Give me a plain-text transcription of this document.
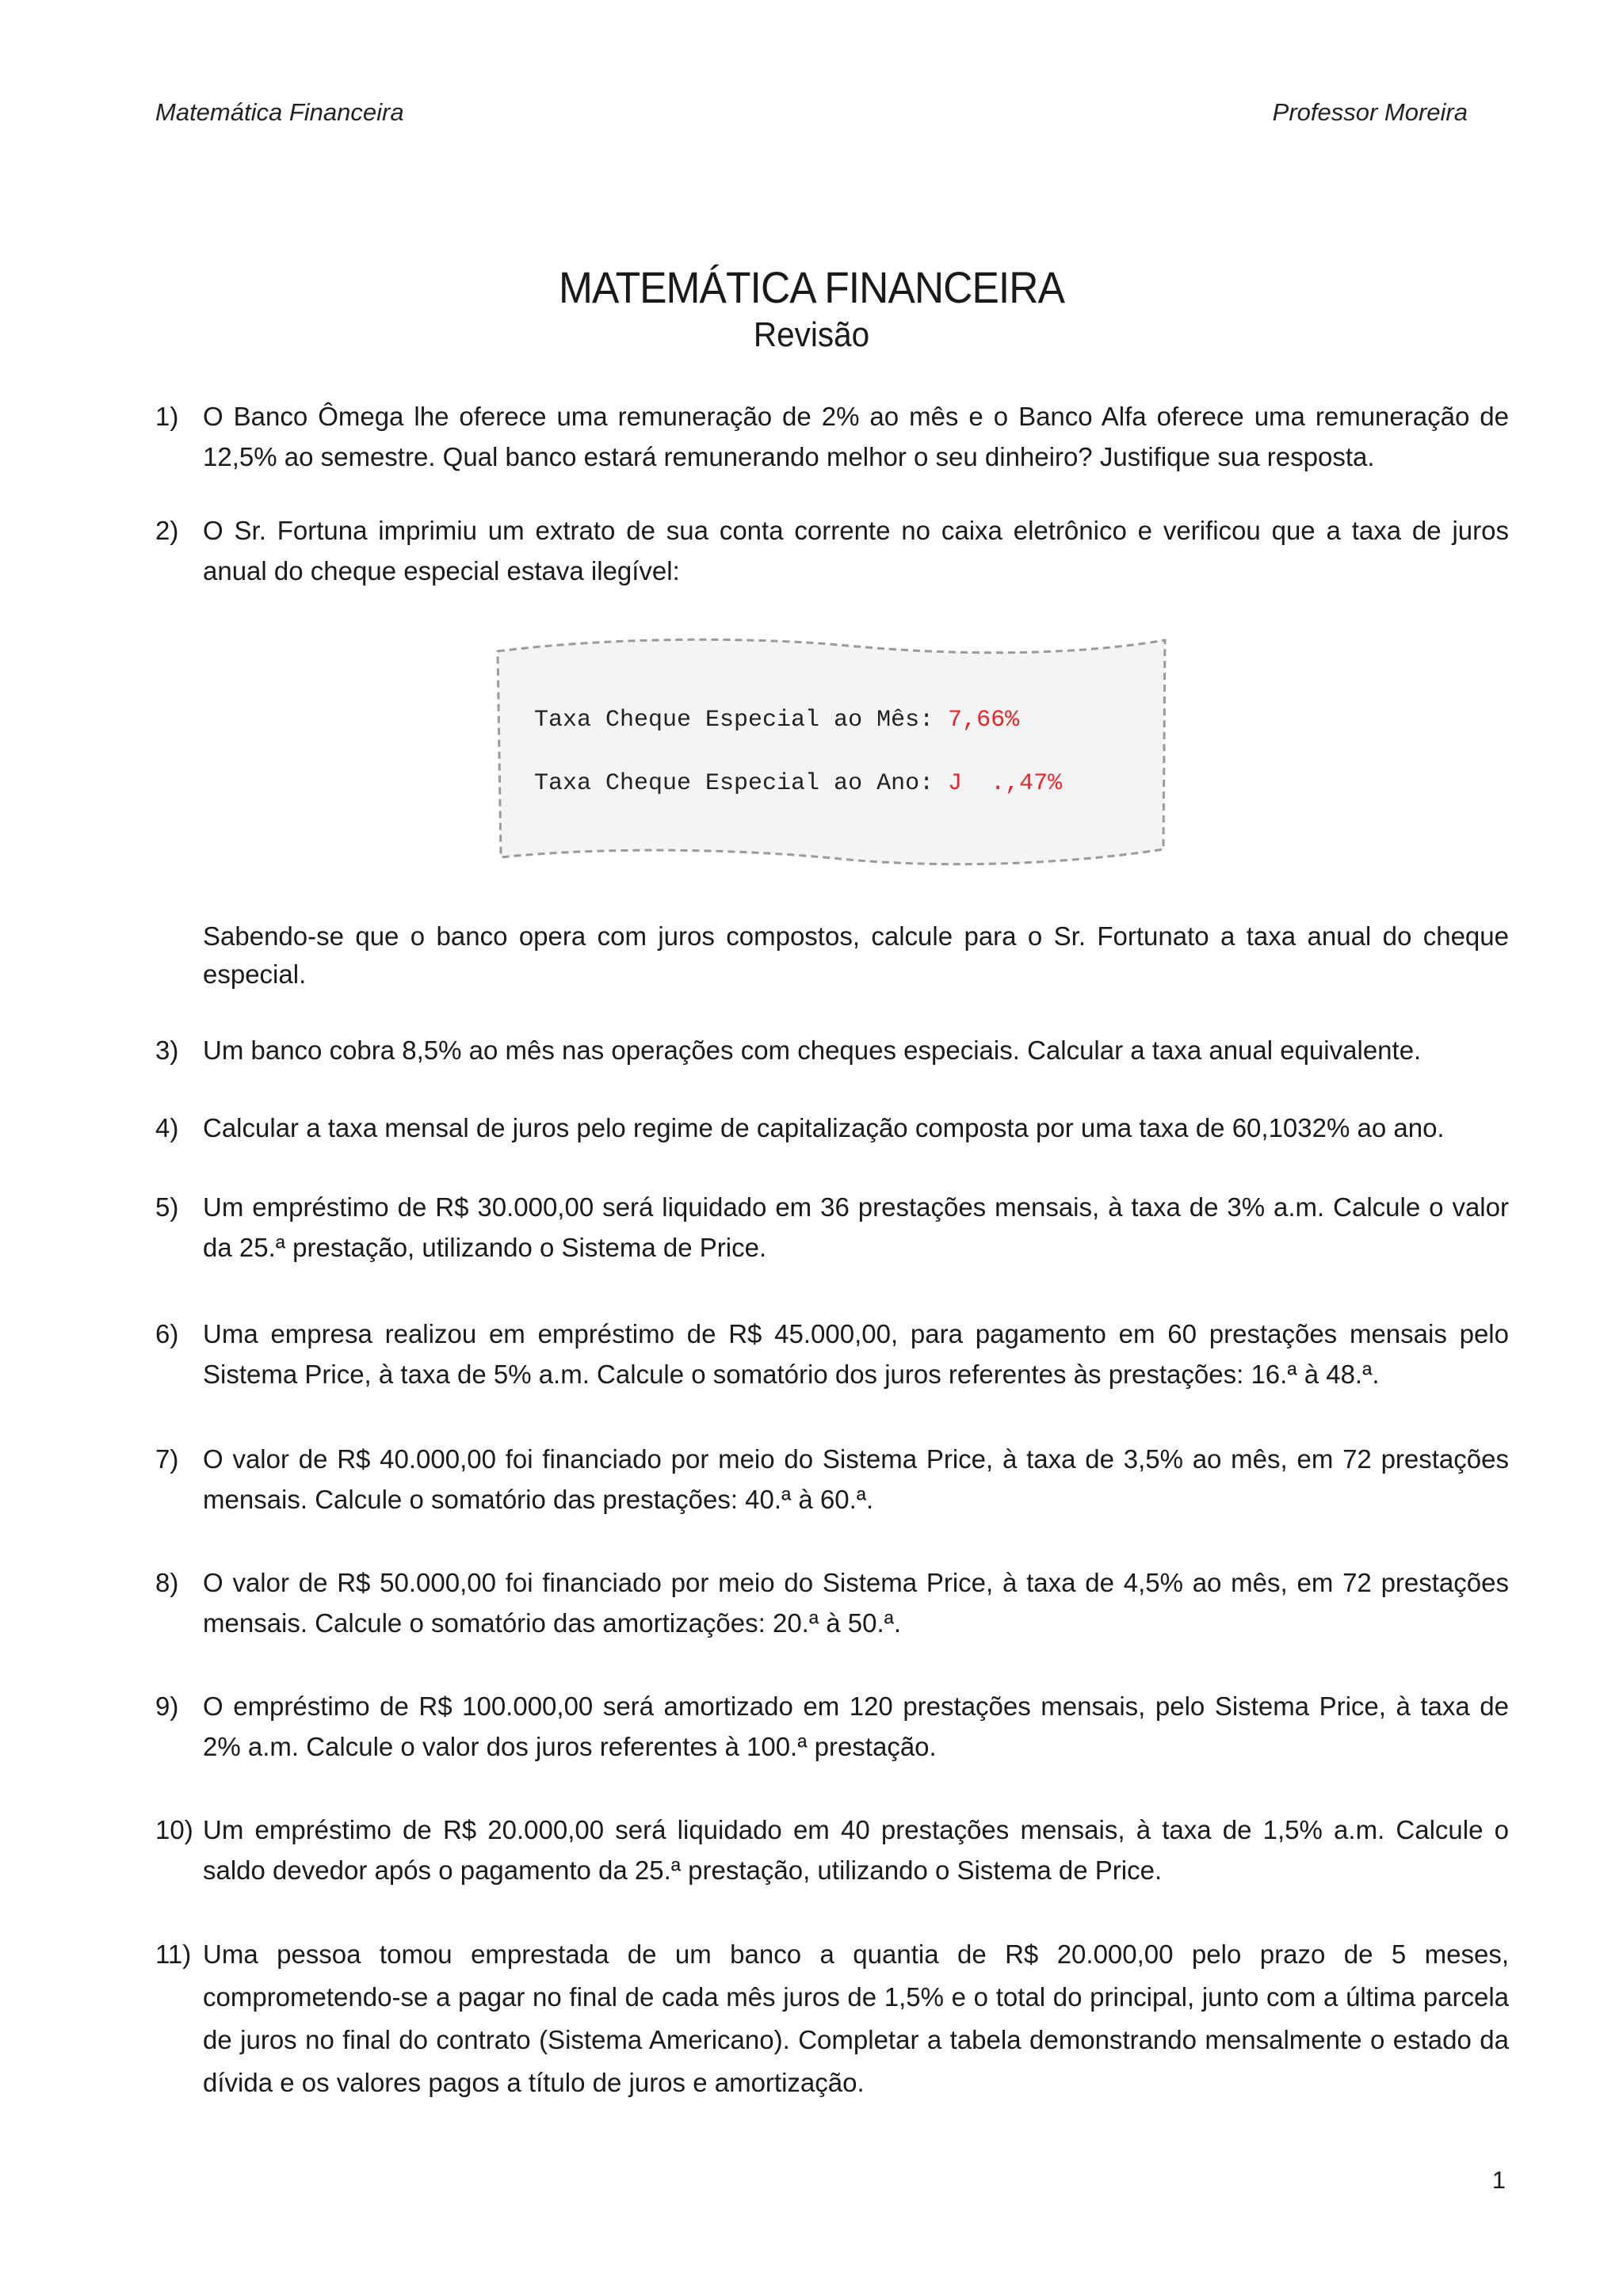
Matemática Financeira	Professor Moreira
MATEMÁTICA FINANCEIRA
Revisão
1) O Banco Ômega lhe oferece uma remuneração de 2% ao mês e o Banco Alfa oferece uma remuneração de 12,5% ao semestre. Qual banco estará remunerando melhor o seu dinheiro? Justifique sua resposta.
2) O Sr. Fortuna imprimiu um extrato de sua conta corrente no caixa eletrônico e verificou que a taxa de juros anual do cheque especial estava ilegível:
Taxa Cheque Especial ao Mês: 7,66%
Taxa Cheque Especial ao Ano: J  .,47%
Sabendo-se que o banco opera com juros compostos, calcule para o Sr. Fortunato a taxa anual do cheque especial.
3) Um banco cobra 8,5% ao mês nas operações com cheques especiais. Calcular a taxa anual equivalente.
4) Calcular a taxa mensal de juros pelo regime de capitalização composta por uma taxa de 60,1032% ao ano.
5) Um empréstimo de R$ 30.000,00 será liquidado em 36 prestações mensais, à taxa de 3% a.m. Calcule o valor da 25.ª prestação, utilizando o Sistema de Price.
6) Uma empresa realizou em empréstimo de R$ 45.000,00, para pagamento em 60 prestações mensais pelo Sistema Price, à taxa de 5% a.m. Calcule o somatório dos juros referentes às prestações: 16.ª à 48.ª.
7) O valor de R$ 40.000,00 foi financiado por meio do Sistema Price, à taxa de 3,5% ao mês, em 72 prestações mensais. Calcule o somatório das prestações: 40.ª à 60.ª.
8) O valor de R$ 50.000,00 foi financiado por meio do Sistema Price, à taxa de 4,5% ao mês, em 72 prestações mensais. Calcule o somatório das amortizações: 20.ª à 50.ª.
9) O empréstimo de R$ 100.000,00 será amortizado em 120 prestações mensais, pelo Sistema Price, à taxa de 2% a.m. Calcule o valor dos juros referentes à 100.ª prestação.
10) Um empréstimo de R$ 20.000,00 será liquidado em 40 prestações mensais, à taxa de 1,5% a.m. Calcule o saldo devedor após o pagamento da 25.ª prestação, utilizando o Sistema de Price.
11) Uma pessoa tomou emprestada de um banco a quantia de R$ 20.000,00 pelo prazo de 5 meses, comprometendo-se a pagar no final de cada mês juros de 1,5% e o total do principal, junto com a última parcela de juros no final do contrato (Sistema Americano). Completar a tabela demonstrando mensalmente o estado da dívida e os valores pagos a título de juros e amortização.
1
